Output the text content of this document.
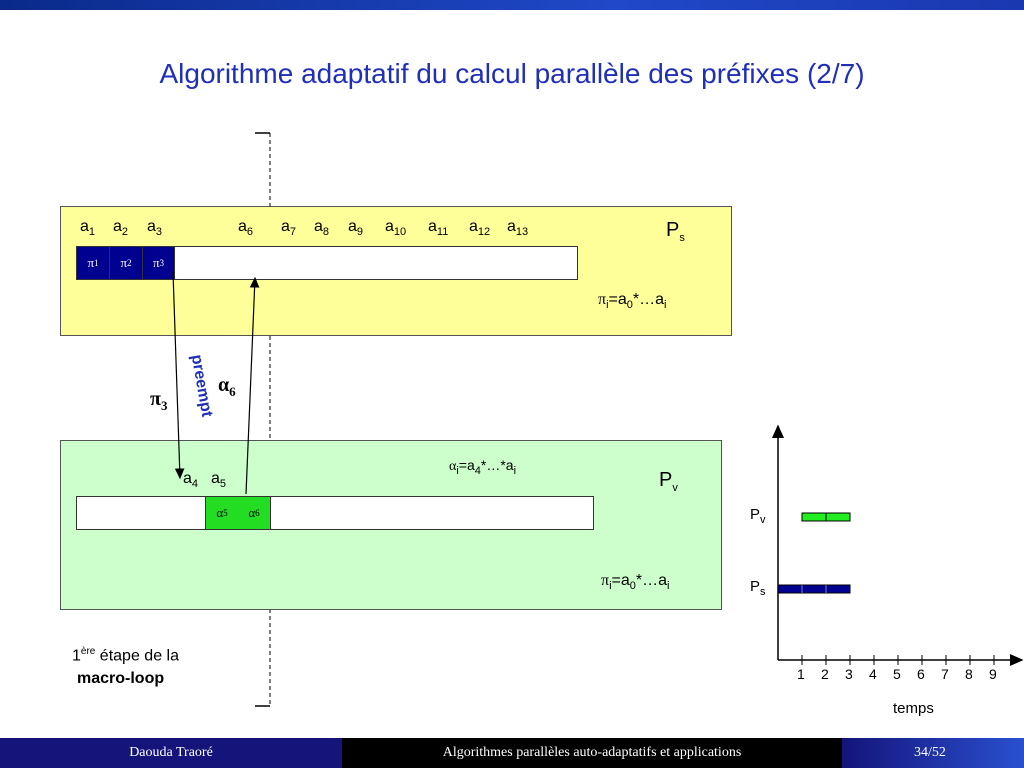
Algorithme adaptatif du calcul parallèle des préfixes (2/7)
$P_s$
$\pi_i=a_0*\dots a_i$
$a_1$ $a_2$ $a_3$	$a_6$ $a_7$ $a_8$ $a_9$ $a_{10}$ $a_{11}$ $a_{12}$ $a_{13}$
π 1 π 2 π 3
$P_v$
$\alpha_i=a_4*\dots*a_i$
$\pi_i=a_0*\dots a_i$
$a_4$ $a_5$
α 5 α 6
$\pi_3$
$\alpha_6$
preempt
1ère étape de la
macro-loop
$P_v$
$P_s$
1 2 3 4 5 6 7 8 9
temps
Daouda Traoré	Algorithmes parallèles auto-adaptatifs et applications	34/52
